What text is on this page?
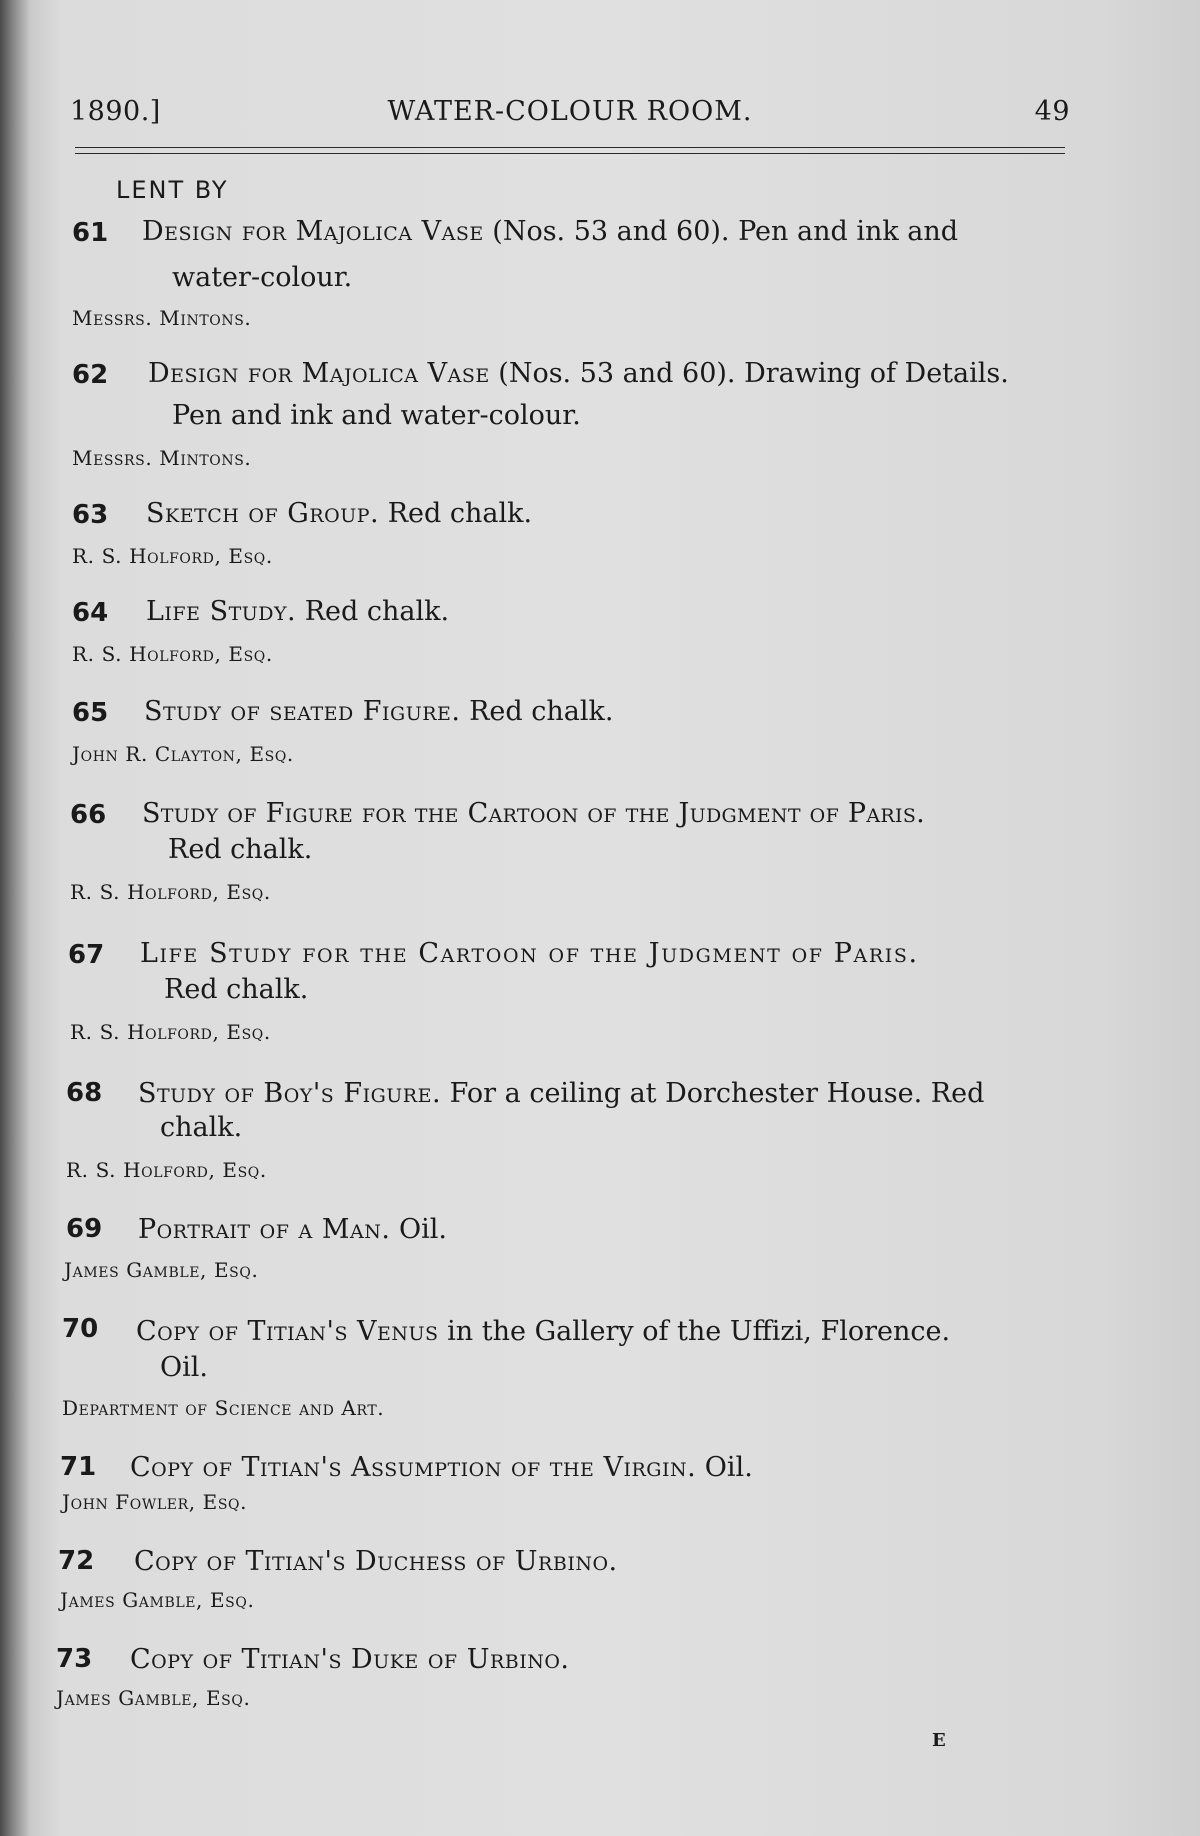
1890.]	WATER-COLOUR ROOM.	49
LENT BY
61 Design for Majolica Vase (Nos. 53 and 60). Pen and ink and
water-colour.
Messrs. Mintons.
62 Design for Majolica Vase (Nos. 53 and 60). Drawing of Details.
Pen and ink and water-colour.
Messrs. Mintons.
63 Sketch of Group. Red chalk.
R. S. Holford, Esq.
64 Life Study. Red chalk.
R. S. Holford, Esq.
65 Study of seated Figure. Red chalk.
John R. Clayton, Esq.
66 Study of Figure for the Cartoon of the Judgment of Paris.
Red chalk.
R. S. Holford, Esq.
67 Life Study for the Cartoon of the Judgment of Paris.
Red chalk.
R. S. Holford, Esq.
68 Study of Boy's Figure. For a ceiling at Dorchester House. Red
chalk.
R. S. Holford, Esq.
69 Portrait of a Man. Oil.
James Gamble, Esq.
70 Copy of Titian's Venus in the Gallery of the Uffizi, Florence.
Oil.
Department of Science and Art.
71 Copy of Titian's Assumption of the Virgin. Oil.
John Fowler, Esq.
72 Copy of Titian's Duchess of Urbino.
James Gamble, Esq.
73 Copy of Titian's Duke of Urbino.
James Gamble, Esq.
E
